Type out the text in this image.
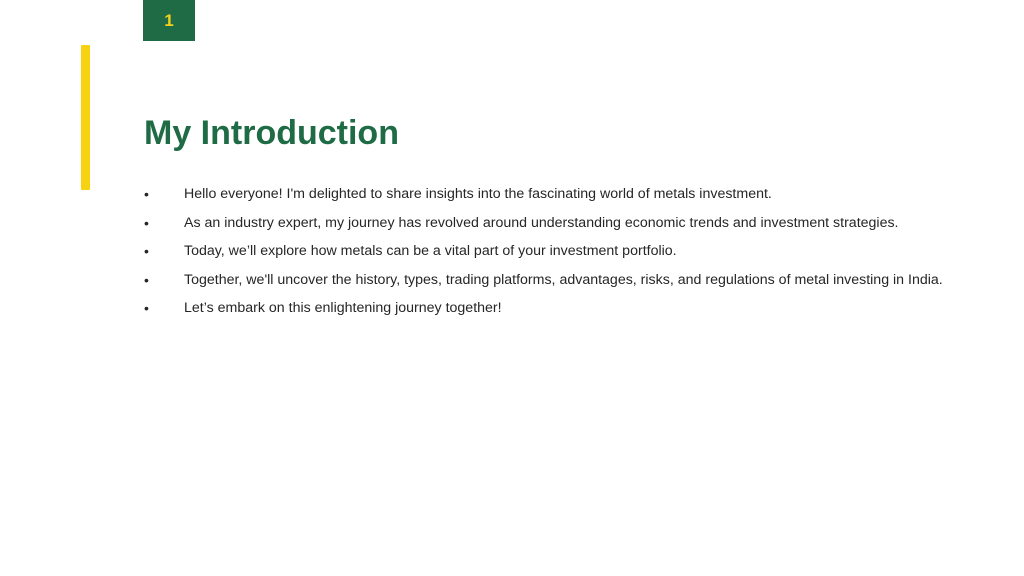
1
My Introduction
•	Hello everyone! I'm delighted to share insights into the fascinating world of metals investment.
•	As an industry expert, my journey has revolved around understanding economic trends and investment strategies.
•	Today, we’ll explore how metals can be a vital part of your investment portfolio.
•	Together, we'll uncover the history, types, trading platforms, advantages, risks, and regulations of metal investing in India.
•	Let’s embark on this enlightening journey together!
